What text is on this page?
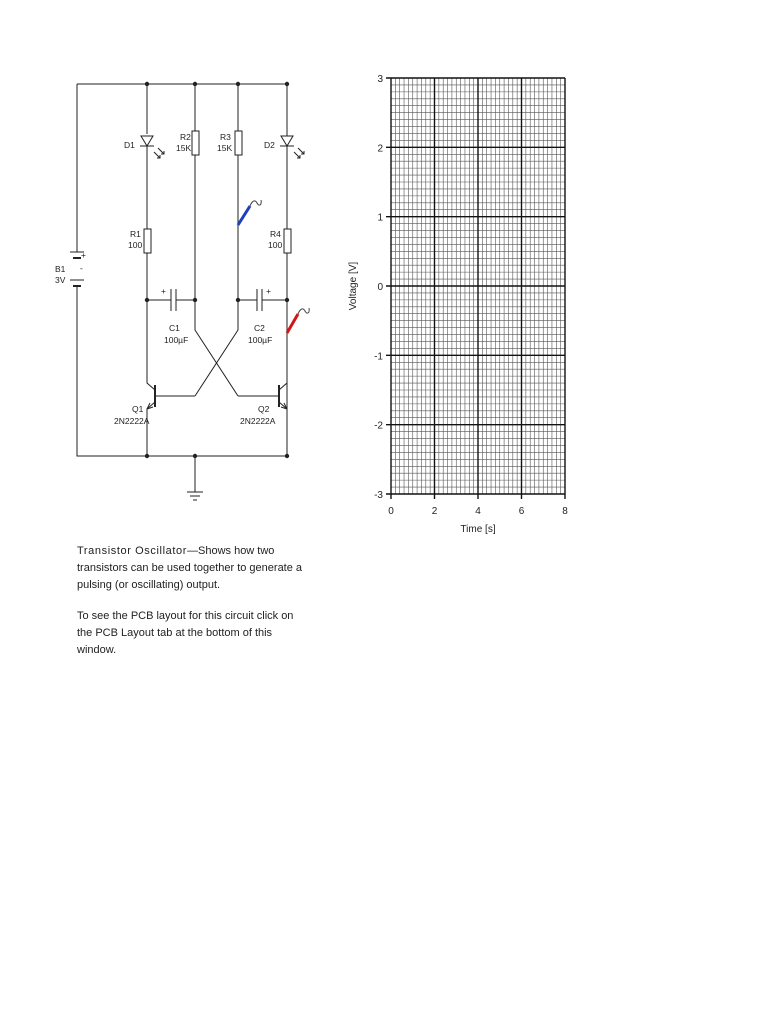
B1
3V
+
-
D1	D2
R2
15K
R3
15K
R1
100
R4
100
+	+
C1
100µF
C2
100µF
Q1
2N2222A
Q2
2N2222A
0	2	4	6	8
3
2
1
0
-1
-2
-3
Time [s]
Voltage [V]

Transistor Oscillator—Shows how two transistors can be used together to generate a pulsing (or oscillating) output.

To see the PCB layout for this circuit click on the PCB Layout tab at the bottom of this window.
